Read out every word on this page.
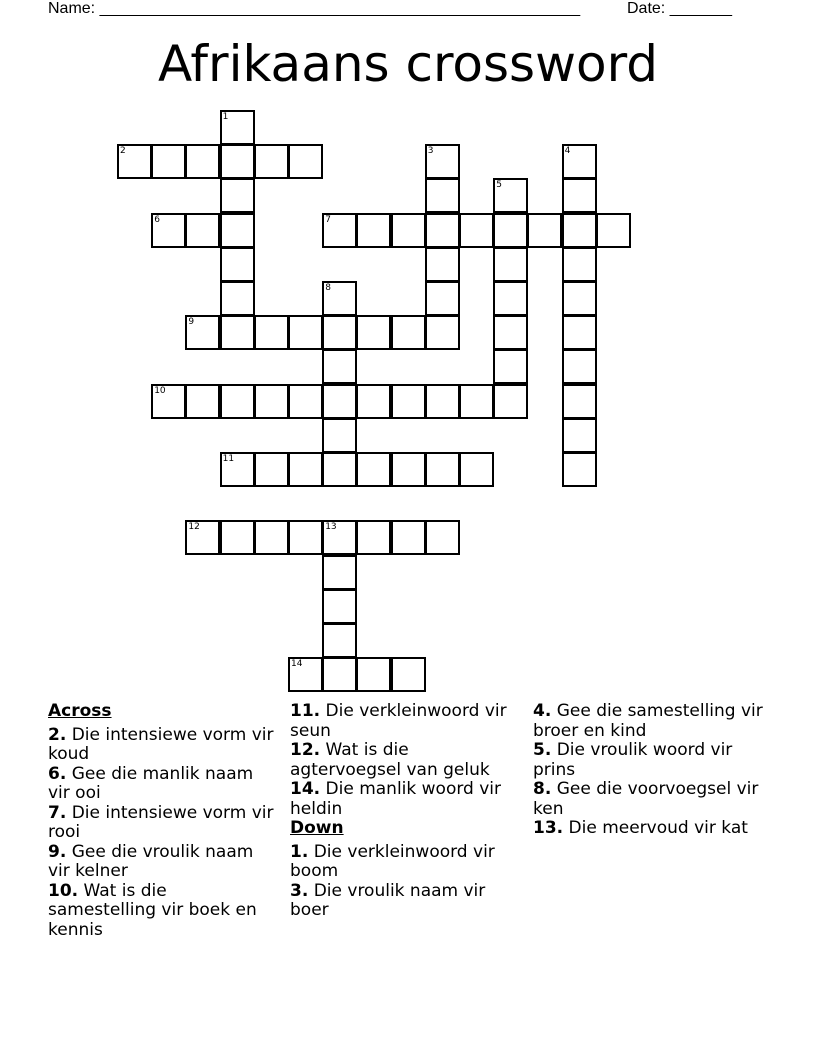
Name: ______________________________________________________	Date: _______
Afrikaans crossword
1
2	3	4
5
6	7
8
9
10
11
12	13
14
Across
2. Die intensiewe vorm vir koud
6. Gee die manlik naam vir ooi
7. Die intensiewe vorm vir rooi
9. Gee die vroulik naam vir kelner
10. Wat is die samestelling vir boek en kennis
11. Die verkleinwoord vir seun
12. Wat is die agtervoegsel van geluk
14. Die manlik woord vir heldin
Down
1. Die verkleinwoord vir boom
3. Die vroulik naam vir boer
4. Gee die samestelling vir broer en kind
5. Die vroulik woord vir prins
8. Gee die voorvoegsel vir ken
13. Die meervoud vir kat
